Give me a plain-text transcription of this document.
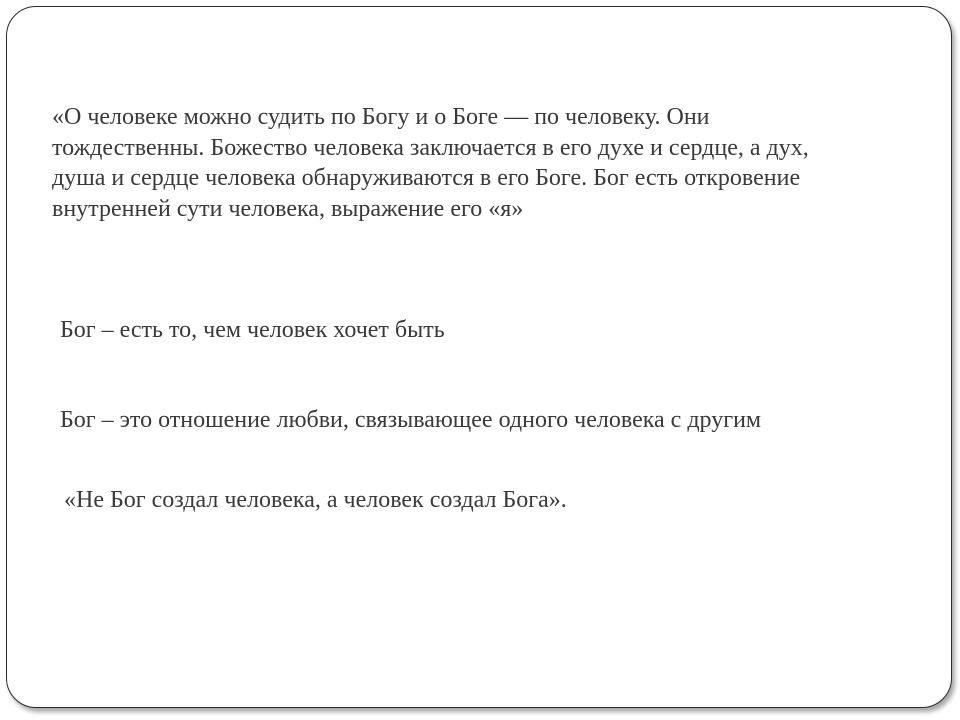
«О человеке можно судить по Богу и о Боге — по человеку. Они
тождественны. Божество человека заключается в его духе и сердце, а дух,
душа и сердце человека обнаруживаются в его Боге. Бог есть откровение
внутренней сути человека, выражение его «я»

Бог – есть то, чем человек хочет быть

Бог – это отношение любви, связывающее одного человека с другим

«Не Бог создал человека, а человек создал Бога».
